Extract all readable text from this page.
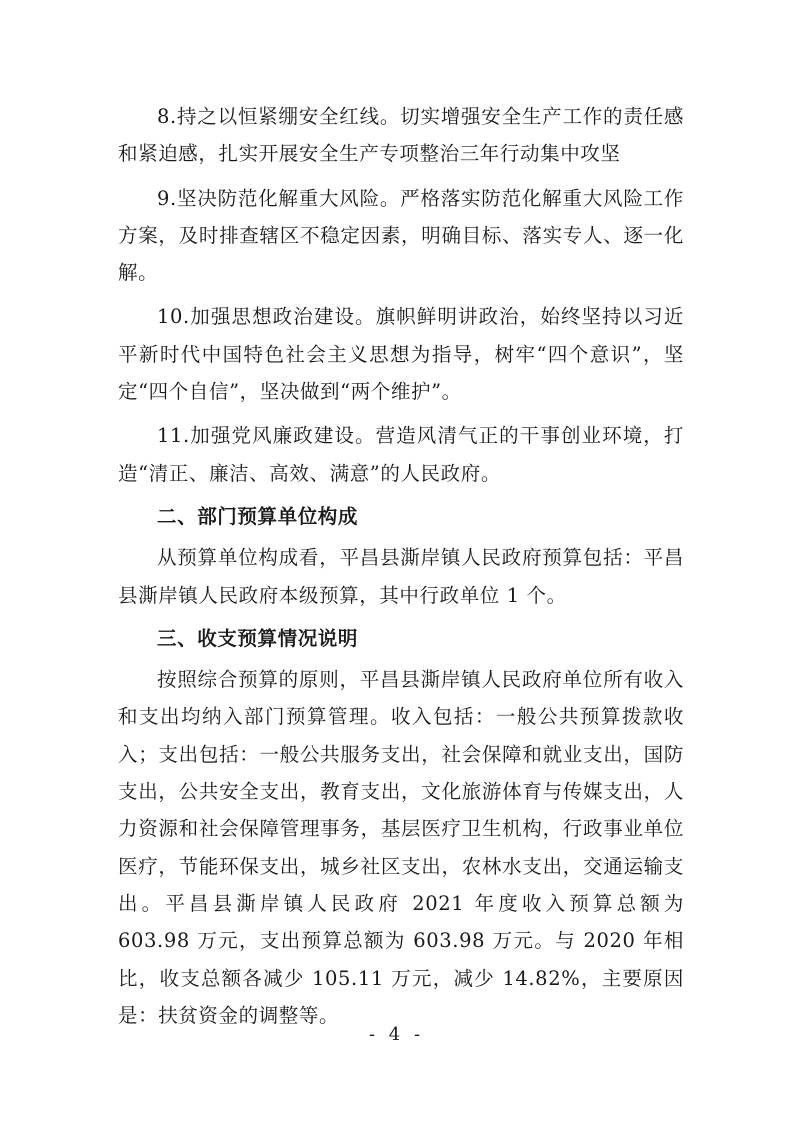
8.持之以恒紧绷安全红线。切实增强安全生产工作的责任感和紧迫感，扎实开展安全生产专项整治三年行动集中攻坚

9.坚决防范化解重大风险。严格落实防范化解重大风险工作方案，及时排查辖区不稳定因素，明确目标、落实专人、逐一化解。

10.加强思想政治建设。旗帜鲜明讲政治，始终坚持以习近平新时代中国特色社会主义思想为指导，树牢“四个意识”，坚定“四个自信”，坚决做到“两个维护”。

11.加强党风廉政建设。营造风清气正的干事创业环境，打造“清正、廉洁、高效、满意”的人民政府。

二、部门预算单位构成

从预算单位构成看，平昌县澌岸镇人民政府预算包括：平昌县澌岸镇人民政府本级预算，其中行政单位 1 个。

三、收支预算情况说明

按照综合预算的原则，平昌县澌岸镇人民政府单位所有收入和支出均纳入部门预算管理。收入包括：一般公共预算拨款收入；支出包括：一般公共服务支出，社会保障和就业支出，国防支出，公共安全支出，教育支出，文化旅游体育与传媒支出，人力资源和社会保障管理事务，基层医疗卫生机构，行政事业单位医疗，节能环保支出，城乡社区支出，农林水支出，交通运输支出。平昌县澌岸镇人民政府 2021 年度收入预算总额为 603.98 万元，支出预算总额为 603.98 万元。与 2020 年相比，收支总额各减少 105.11 万元，减少 14.82%，主要原因是：扶贫资金的调整等。

- 4 -
